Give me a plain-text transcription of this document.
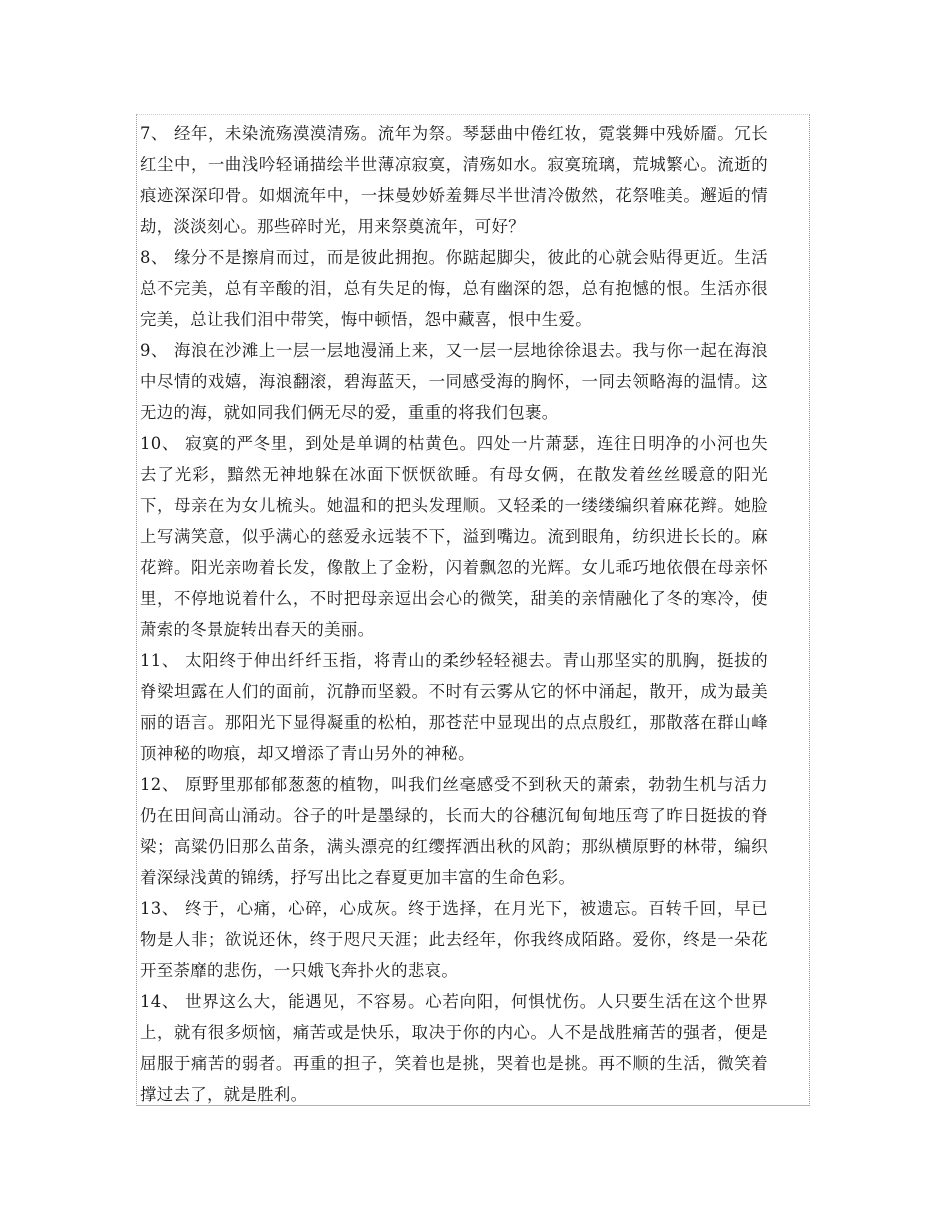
7、 经年，未染流殇漠漠清殇。流年为祭。琴瑟曲中倦红妆，霓裳舞中残娇靥。冗长红尘中，一曲浅吟轻诵描绘半世薄凉寂寞，清殇如水。寂寞琉璃，荒城繁心。流逝的痕迹深深印骨。如烟流年中，一抹曼妙娇羞舞尽半世清冷傲然，花祭唯美。邂逅的情劫，淡淡刻心。那些碎时光，用来祭奠流年，可好？

8、 缘分不是擦肩而过，而是彼此拥抱。你踮起脚尖，彼此的心就会贴得更近。生活总不完美，总有辛酸的泪，总有失足的悔，总有幽深的怨，总有抱憾的恨。生活亦很完美，总让我们泪中带笑，悔中顿悟，怨中藏喜，恨中生爱。

9、 海浪在沙滩上一层一层地漫涌上来，又一层一层地徐徐退去。我与你一起在海浪中尽情的戏嬉，海浪翻滚，碧海蓝天，一同感受海的胸怀，一同去领略海的温情。这无边的海，就如同我们俩无尽的爱，重重的将我们包裹。

10、 寂寞的严冬里，到处是单调的枯黄色。四处一片萧瑟，连往日明净的小河也失去了光彩，黯然无神地躲在冰面下恹恹欲睡。有母女俩，在散发着丝丝暖意的阳光下，母亲在为女儿梳头。她温和的把头发理顺。又轻柔的一缕缕编织着麻花辫。她脸上写满笑意，似乎满心的慈爱永远装不下，溢到嘴边。流到眼角，纺织进长长的。麻花辫。阳光亲吻着长发，像散上了金粉，闪着飘忽的光辉。女儿乖巧地依偎在母亲怀里，不停地说着什么，不时把母亲逗出会心的微笑，甜美的亲情融化了冬的寒冷，使萧索的冬景旋转出春天的美丽。

11、 太阳终于伸出纤纤玉指，将青山的柔纱轻轻褪去。青山那坚实的肌胸，挺拔的脊梁坦露在人们的面前，沉静而坚毅。不时有云雾从它的怀中涌起，散开，成为最美丽的语言。那阳光下显得凝重的松柏，那苍茫中显现出的点点殷红，那散落在群山峰顶神秘的吻痕，却又增添了青山另外的神秘。

12、 原野里那郁郁葱葱的植物，叫我们丝毫感受不到秋天的萧索，勃勃生机与活力仍在田间高山涌动。谷子的叶是墨绿的，长而大的谷穗沉甸甸地压弯了昨日挺拔的脊梁；高粱仍旧那么苗条，满头漂亮的红缨挥洒出秋的风韵；那纵横原野的林带，编织着深绿浅黄的锦绣，抒写出比之春夏更加丰富的生命色彩。

13、 终于，心痛，心碎，心成灰。终于选择，在月光下，被遗忘。百转千回，早已物是人非；欲说还休，终于咫尺天涯；此去经年，你我终成陌路。爱你，终是一朵花开至荼靡的悲伤，一只娥飞奔扑火的悲哀。

14、 世界这么大，能遇见，不容易。心若向阳，何惧忧伤。人只要生活在这个世界上，就有很多烦恼，痛苦或是快乐，取决于你的内心。人不是战胜痛苦的强者，便是屈服于痛苦的弱者。再重的担子，笑着也是挑，哭着也是挑。再不顺的生活，微笑着撑过去了，就是胜利。
